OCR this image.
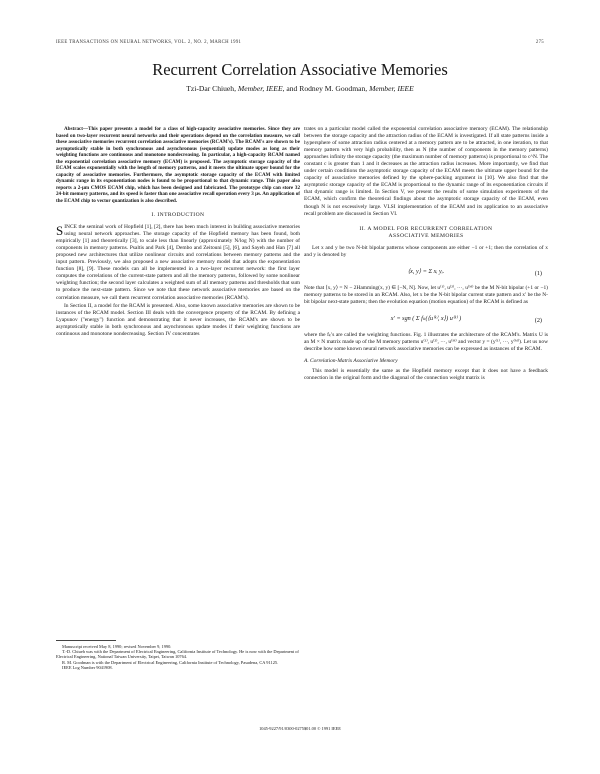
IEEE TRANSACTIONS ON NEURAL NETWORKS, VOL. 2, NO. 2, MARCH 1991	275
Recurrent Correlation Associative Memories
Tzi-Dar Chiueh, Member, IEEE, and Rodney M. Goodman, Member, IEEE

Abstract—This paper presents a model for a class of high-capacity associative memories. Since they are based on two-layer recurrent neural networks and their operations depend on the correlation measure, we call these associative memories recurrent correlation associative memories (RCAM's). The RCAM's are shown to be asymptotically stable in both synchronous and asynchronous (sequential) update modes as long as their weighting functions are continuous and monotone nondecreasing. In particular, a high-capacity RCAM named the exponential correlation associative memory (ECAM) is proposed. The asymptotic storage capacity of the ECAM scales exponentially with the length of memory patterns, and it meets the ultimate upper bound for the capacity of associative memories. Furthermore, the asymptotic storage capacity of the ECAM with limited dynamic range in its exponentiation nodes is found to be proportional to that dynamic range. This paper also reports a 2-μm CMOS ECAM chip, which has been designed and fabricated. The prototype chip can store 32 24-bit memory patterns, and its speed is faster than one associative recall operation every 3 μs. An application of the ECAM chip to vector quantization is also described.

I. INTRODUCTION

SINCE the seminal work of Hopfield [1], [2], there has been much interest in building associative memories using neural network approaches. The storage capacity of the Hopfield memory has been found, both empirically [1] and theoretically [3], to scale less than linearly (approximately N/log N) with the number of components in memory patterns. Psaltis and Park [4], Dembo and Zeitouni [5], [6], and Sayeh and Han [7] all proposed new architectures that utilize nonlinear circuits and correlations between memory patterns and the input pattern. Previously, we also proposed a new associative memory model that adopts the exponentiation function [8], [9]. These models can all be implemented in a two-layer recurrent network: the first layer computes the correlations of the current-state pattern and all the memory patterns, followed by some nonlinear weighting function; the second layer calculates a weighted sum of all memory patterns and thresholds that sum to produce the next-state pattern. Since we note that these network associative memories are based on the correlation measure, we call them recurrent correlation associative memories (RCAM's).

In Section II, a model for the RCAM is presented. Also, some known associative memories are shown to be instances of the RCAM model. Section III deals with the convergence property of the RCAM. By defining a Lyapunov ("energy") function and demonstrating that it never increases, the RCAM's are shown to be asymptotically stable in both synchronous and asynchronous update modes if their weighting functions are continuous and monotone nondecreasing. Section IV concentrates

trates on a particular model called the exponential correlation associative memory (ECAM). The relationship between the storage capacity and the attraction radius of the ECAM is investigated. If all state patterns inside a hypersphere of some attraction radius centered at a memory pattern are to be attracted, in one iteration, to that memory pattern with very high probability, then as N (the number of components in the memory patterns) approaches infinity the storage capacity (the maximum number of memory patterns) is proportional to c^N. The constant c is greater than 1 and it decreases as the attraction radius increases. More importantly, we find that under certain conditions the asymptotic storage capacity of the ECAM meets the ultimate upper bound for the capacity of associative memories defined by the sphere-packing argument in [10]. We also find that the asymptotic storage capacity of the ECAM is proportional to the dynamic range of its exponentiation circuits if that dynamic range is limited. In Section V, we present the results of some simulation experiments of the ECAM, which confirm the theoretical findings about the asymptotic storage capacity of the ECAM, even though N is not excessively large. VLSI implementation of the ECAM and its application to an associative recall problem are discussed in Section VI.

II. A MODEL FOR RECURRENT CORRELATION
ASSOCIATIVE MEMORIES

Let x and y be two N-bit bipolar patterns whose components are either −1 or +1; then the correlation of x and y is denoted by

⟨x, y⟩ = Σ xᵢ yᵢ.	(1)

Note that ⟨x, y⟩ = N − 2Hamming(x, y) ∈ [−N, N]. Now, let u⁽¹⁾, u⁽²⁾, ···, u⁽ᴹ⁾ be the M N-bit bipolar (+1 or −1) memory patterns to be stored in an RCAM. Also, let x be the N-bit bipolar current state pattern and x′ be the N-bit bipolar next-state pattern; then the evolution equation (motion equation) of the RCAM is defined as

x′ = sgn ( Σ fₖ(⟨u⁽ᵏ⁾, x⟩) u⁽ᵏ⁾ )	(2)

where the fₖ's are called the weighting functions. Fig. 1 illustrates the architecture of the RCAM's. Matrix U is an M × N matrix made up of the M memory patterns u⁽¹⁾, u⁽²⁾, ···, u⁽ᴹ⁾ and vector y = (y⁽¹⁾, ···, y⁽ᴹ⁾). Let us now describe how some known neural network associative memories can be expressed as instances of the RCAM.

A. Correlation-Matrix Associative Memory

This model is essentially the same as the Hopfield memory except that it does not have a feedback connection in the original form and the diagonal of the connection weight matrix is

Manuscript received May 8, 1990; revised November 9, 1990.
T.-D. Chiueh was with the Department of Electrical Engineering, California Institute of Technology. He is now with the Department of Electrical Engineering, National Taiwan University, Taipei, Taiwan 10764.
R. M. Goodman is with the Department of Electrical Engineering, California Institute of Technology, Pasadena, CA 91125.
IEEE Log Number 9041908.
1045-9227/91/0300-0275$01.00 © 1991 IEEE
